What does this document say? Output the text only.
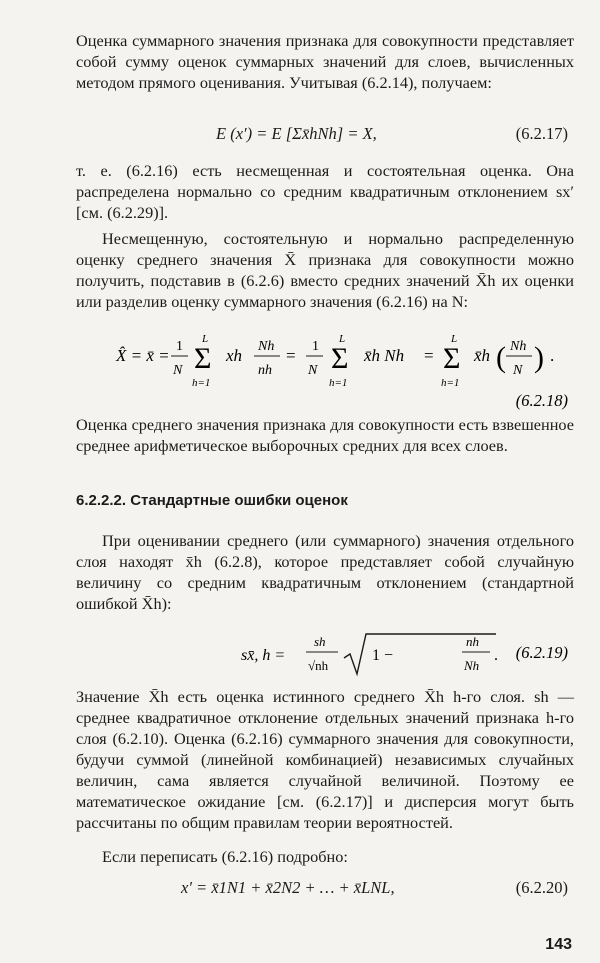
Оценка суммарного значения признака для совокупности представляет собой сумму оценок суммарных значений для слоев, вычисленных методом прямого оценивания. Учитывая (6.2.14), получаем:

E (x′) = E [Σx̄hNh] = X,	(6.2.17)

т. е. (6.2.16) есть несмещенная и состоятельная оценка. Она распределена нормально со средним квадратичным отклонением sx′ [см. (6.2.29)].

Несмещенную, состоятельную и нормально распределенную оценку среднего значения X̄ признака для совокупности можно получить, подставив в (6.2.6) вместо средних значений X̄h их оценки или разделив оценку суммарного значения (6.2.16) на N:

X̂ = x̄ = 1
N
L
Σ
h=1
xh Nh
nh
= 1
N
L
Σ
h=1
x̄h Nh =
L
Σ
h=1
x̄h ( Nh
N ) .
(6.2.18)

Оценка среднего значения признака для совокупности есть взвешенное среднее арифметическое выборочных средних для всех слоев.

6.2.2.2. Стандартные ошибки оценок

При оценивании среднего (или суммарного) значения отдельного слоя находят x̄h (6.2.8), которое представляет собой случайную величину со средним квадратичным отклонением (стандартной ошибкой X̄h):

sx̄, h =
sh
√nh
1 −
nh
Nh
. (6.2.19)

Значение X̄h есть оценка истинного среднего X̄h h-го слоя. sh — среднее квадратичное отклонение отдельных значений признака h-го слоя (6.2.10). Оценка (6.2.16) суммарного значения для совокупности, будучи суммой (линейной комбинацией) независимых случайных величин, сама является случайной величиной. Поэтому ее математическое ожидание [см. (6.2.17)] и дисперсия могут быть рассчитаны по общим правилам теории вероятностей.

Если переписать (6.2.16) подробно:

x′ = x̄1N1 + x̄2N2 + … + x̄LNL,	(6.2.20)
143
